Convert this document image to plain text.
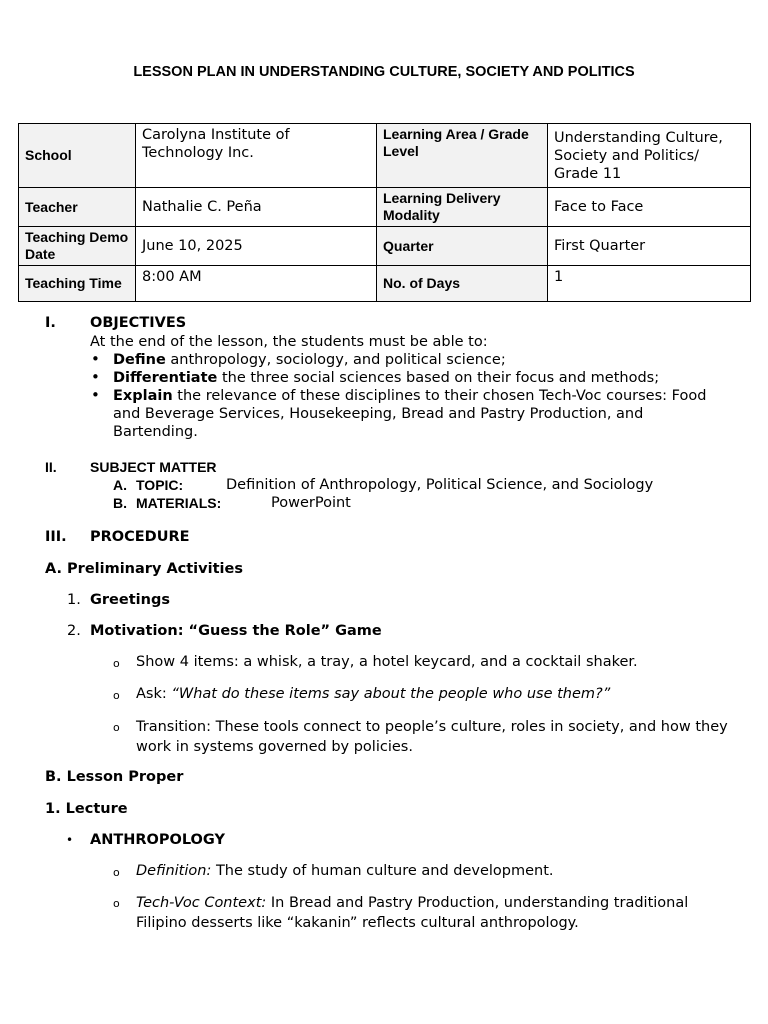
LESSON PLAN IN UNDERSTANDING CULTURE, SOCIETY AND POLITICS
School	Carolyna Institute of Technology Inc.	Learning Area / Grade Level	Understanding Culture, Society and Politics/ Grade 11
Teacher	Nathalie C. Peña	Learning Delivery Modality	Face to Face
Teaching Demo Date	June 10, 2025	Quarter	First Quarter
Teaching Time	8:00 AM	No. of Days	1
I. OBJECTIVES
At the end of the lesson, the students must be able to:
• Define anthropology, sociology, and political science;
• Differentiate the three social sciences based on their focus and methods;
• Explain the relevance of these disciplines to their chosen Tech-Voc courses: Food and Beverage Services, Housekeeping, Bread and Pastry Production, and Bartending.
II. SUBJECT MATTER
A. TOPIC:	Definition of Anthropology, Political Science, and Sociology
B. MATERIALS:	PowerPoint
III. PROCEDURE
A. Preliminary Activities
1. Greetings
2. Motivation: “Guess the Role” Game
o Show 4 items: a whisk, a tray, a hotel keycard, and a cocktail shaker.
o Ask: “What do these items say about the people who use them?”
o Transition: These tools connect to people’s culture, roles in society, and how they work in systems governed by policies.
B. Lesson Proper
1. Lecture
• ANTHROPOLOGY
o Definition: The study of human culture and development.
o Tech-Voc Context: In Bread and Pastry Production, understanding traditional Filipino desserts like “kakanin” reflects cultural anthropology.
